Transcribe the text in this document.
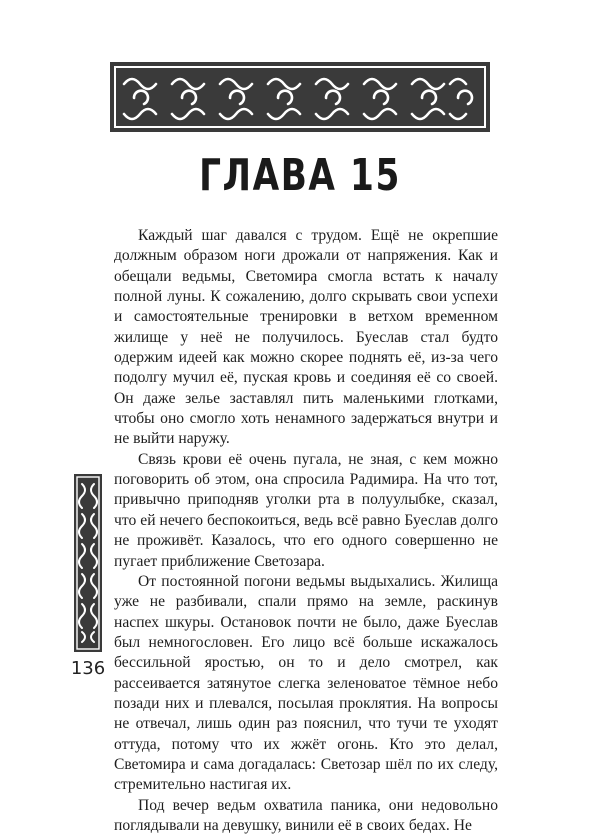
ГЛАВА 15

Каждый шаг давался с трудом. Ещё не окрепшие должным образом ноги дрожали от напряжения. Как и обещали ведьмы, Светомира смогла встать к началу полной луны. К сожалению, долго скрывать свои успехи и самостоятельные тренировки в ветхом временном жилище у неё не получилось. Буеслав стал будто одержим идеей как можно скорее поднять её, из-за чего подолгу мучил её, пуская кровь и соединяя её со своей. Он даже зелье заставлял пить маленькими глотками, чтобы оно смогло хоть ненамного задержаться внутри и не выйти наружу.

Связь крови её очень пугала, не зная, с кем можно поговорить об этом, она спросила Радимира. На что тот, привычно приподняв уголки рта в полуулыбке, сказал, что ей нечего беспокоиться, ведь всё равно Буеслав долго не проживёт. Казалось, что его одного совершенно не пугает приближение Светозара.

От постоянной погони ведьмы выдыхались. Жилища уже не разбивали, спали прямо на земле, раскинув наспех шкуры. Остановок почти не было, даже Буеслав был немногословен. Его лицо всё больше искажалось бессильной яростью, он то и дело смотрел, как рассеивается затянутое слегка зеленоватое тёмное небо позади них и плевался, посылая проклятия. На вопросы не отвечал, лишь один раз пояснил, что тучи те уходят оттуда, потому что их жжёт огонь. Кто это делал, Светомира и сама догадалась: Светозар шёл по их следу, стремительно настигая их.

Под вечер ведьм охватила паника, они недовольно поглядывали на девушку, винили её в своих бедах. Не

136
